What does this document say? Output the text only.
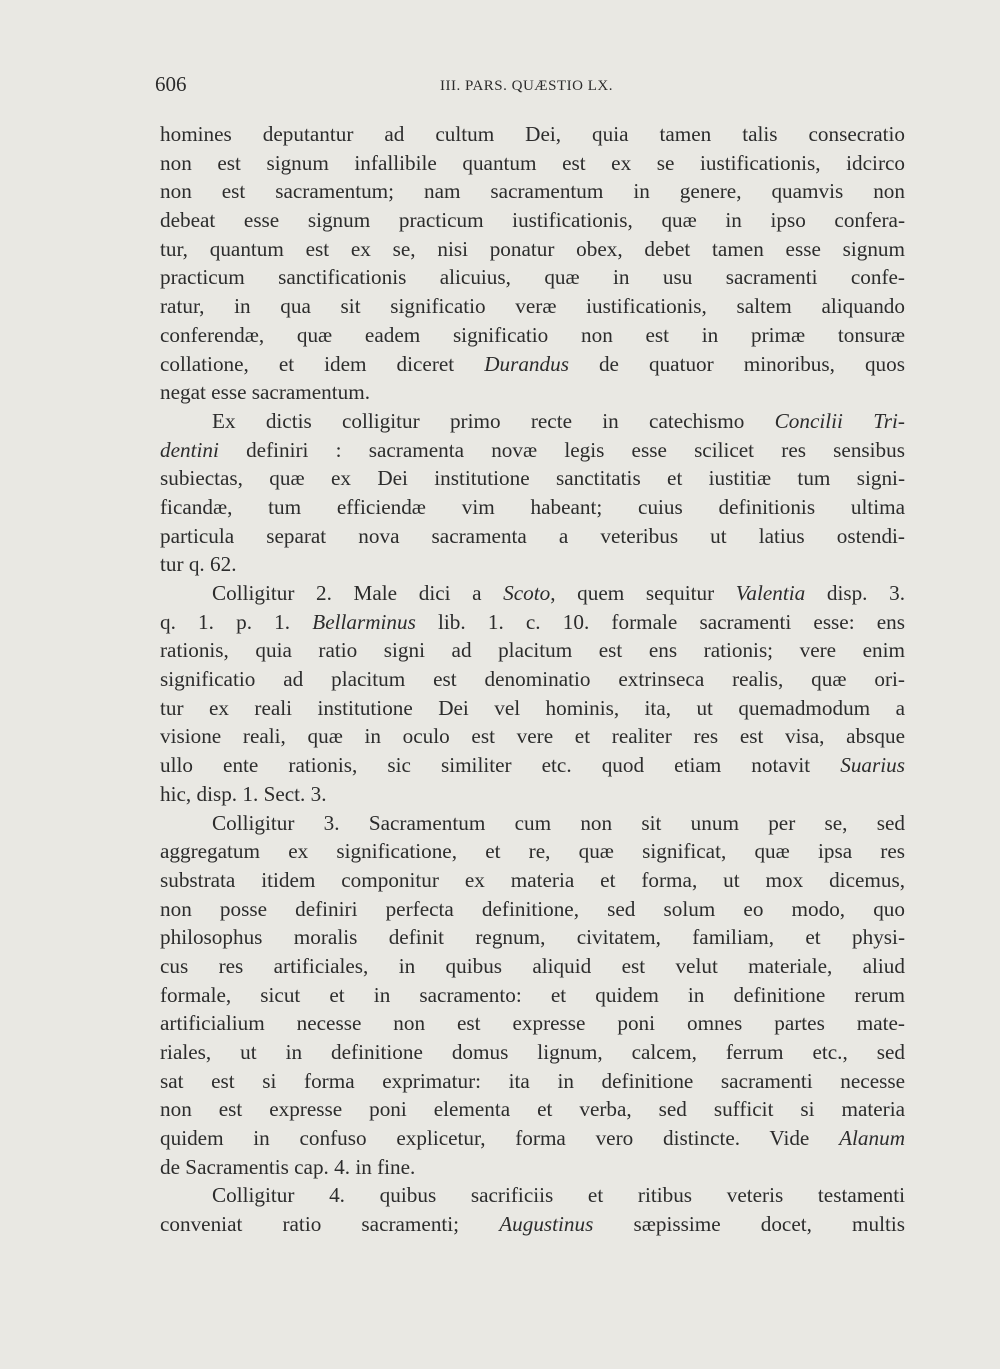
606	III. PARS. QUÆSTIO LX.
homines deputantur ad cultum Dei, quia tamen talis consecratio
non est signum infallibile quantum est ex se iustificationis, idcirco
non est sacramentum; nam sacramentum in genere, quamvis non
debeat esse signum practicum iustificationis, quæ in ipso confera-
tur, quantum est ex se, nisi ponatur obex, debet tamen esse signum
practicum sanctificationis alicuius, quæ in usu sacramenti confe-
ratur, in qua sit significatio veræ iustificationis, saltem aliquando
conferendæ, quæ eadem significatio non est in primæ tonsuræ
collatione, et idem diceret Durandus de quatuor minoribus, quos
negat esse sacramentum.
Ex dictis colligitur primo recte in catechismo Concilii Tri-
dentini definiri : sacramenta novæ legis esse scilicet res sensibus
subiectas, quæ ex Dei institutione sanctitatis et iustitiæ tum signi-
ficandæ, tum efficiendæ vim habeant; cuius definitionis ultima
particula separat nova sacramenta a veteribus ut latius ostendi-
tur q. 62.
Colligitur 2. Male dici a Scoto, quem sequitur Valentia disp. 3.
q. 1. p. 1. Bellarminus lib. 1. c. 10. formale sacramenti esse: ens
rationis, quia ratio signi ad placitum est ens rationis; vere enim
significatio ad placitum est denominatio extrinseca realis, quæ ori-
tur ex reali institutione Dei vel hominis, ita, ut quemadmodum a
visione reali, quæ in oculo est vere et realiter res est visa, absque
ullo ente rationis, sic similiter etc. quod etiam notavit Suarius
hic, disp. 1. Sect. 3.
Colligitur 3. Sacramentum cum non sit unum per se, sed
aggregatum ex significatione, et re, quæ significat, quæ ipsa res
substrata itidem componitur ex materia et forma, ut mox dicemus,
non posse definiri perfecta definitione, sed solum eo modo, quo
philosophus moralis definit regnum, civitatem, familiam, et physi-
cus res artificiales, in quibus aliquid est velut materiale, aliud
formale, sicut et in sacramento: et quidem in definitione rerum
artificialium necesse non est expresse poni omnes partes mate-
riales, ut in definitione domus lignum, calcem, ferrum etc., sed
sat est si forma exprimatur: ita in definitione sacramenti necesse
non est expresse poni elementa et verba, sed sufficit si materia
quidem in confuso explicetur, forma vero distincte. Vide Alanum
de Sacramentis cap. 4. in fine.
Colligitur 4. quibus sacrificiis et ritibus veteris testamenti
conveniat ratio sacramenti; Augustinus sæpissime docet, multis
